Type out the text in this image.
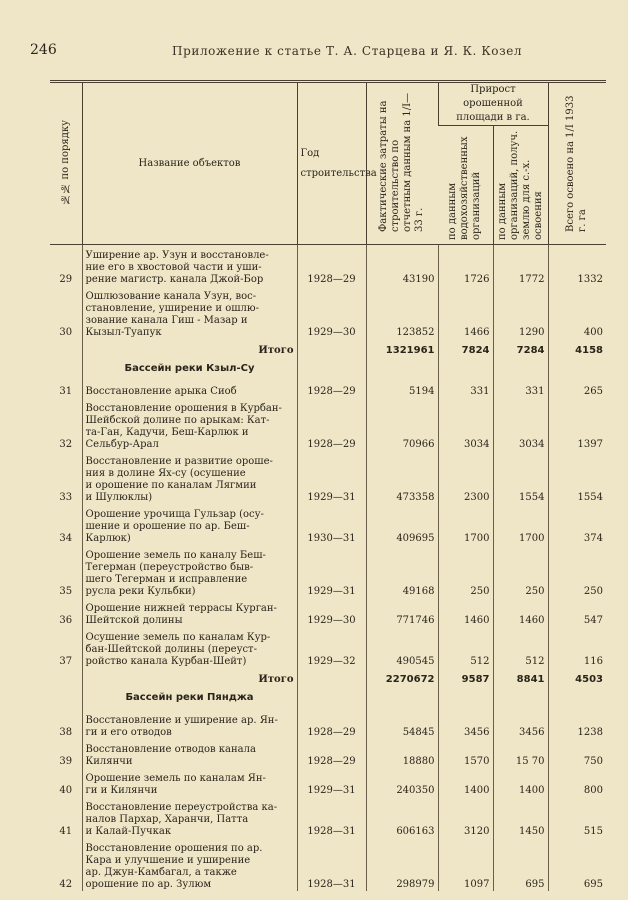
246	Приложение к статье Т. А. Старцева и Я. К. Козел
№№ по порядку	Название объектов	Год строительства	Фактические затраты на строительство по отчетным данным на 1/I—33 г.	Прирост орошенной площади в га.		Всего освоено на 1/I 1933 г. га
				по данным водохозяйственных организаций	по данным организаций, получ. землю для с.-х. освоения	
29	Уширение ар. Узун и восстановле-
ние его в хвостовой части и уши-
рение магистр. канала Джой-Бор	1928—29	43190	1726	1772	1332
30	Ошлюзование канала Узун, вос-
становление, уширение и ошлю-
зование канала Гиш - Мазар и
Кызыл-Туапук	1929—30	123852	1466	1290	400
	Итого		1321961	7824	7284	4158
	Бассейн реки Кзыл-Су					
31	Восстановление арыка Сиоб	1928—29	5194	331	331	265
32	Восстановление орошения в Курбан-
Шейбской долине по арыкам: Кат-
та-Ган, Кадучи, Беш-Карлюк и
Сельбур-Арал	1928—29	70966	3034	3034	1397
33	Восстановление и развитие ороше-
ния в долине Ях-су (осушение
и орошение по каналам Лягмии
и Шулюклы)	1929—31	473358	2300	1554	1554
34	Орошение урочища Гульзар (осу-
шение и орошение по ар. Беш-
Карлюк)	1930—31	409695	1700	1700	374
35	Орошение земель по каналу Беш-
Тегерман (переустройство быв-
шего Тегерман и исправление
русла реки Кульбки)	1929—31	49168	250	250	250
36	Орошение нижней террасы Курган-
Шейтской долины	1929—30	771746	1460	1460	547
37	Осушение земель по каналам Кур-
бан-Шейтской долины (переуст-
ройство канала Курбан-Шейт)	1929—32	490545	512	512	116
	Итого		2270672	9587	8841	4503
	Бассейн реки Пянджа					
38	Восстановление и уширение ар. Ян-
ги и его отводов	1928—29	54845	3456	3456	1238
39	Восстановление отводов канала
Килянчи	1928—29	18880	1570	15 70	750
40	Орошение земель по каналам Ян-
ги и Килянчи	1929—31	240350	1400	1400	800
41	Восстановление переустройства ка-
налов Пархар, Харанчи, Патта
и Калай-Пучкак	1928—31	606163	3120	1450	515
42	Восстановление орошения по ар.
Кара и улучшение и уширение
ар. Джун-Камбагал, а также
орошение по ар. Зулюм	1928—31	298979	1097	695	695
